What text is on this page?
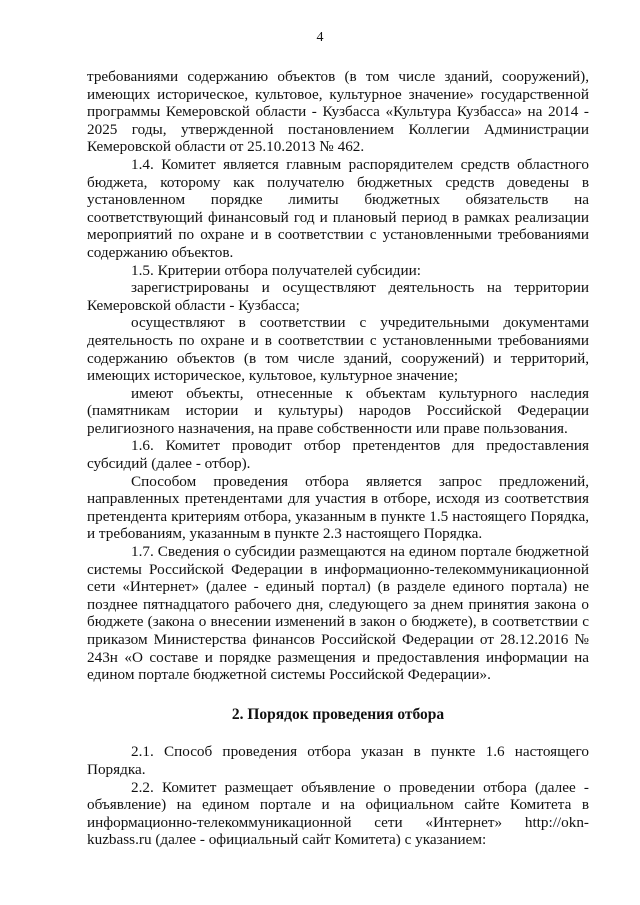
4

требованиями содержанию объектов (в том числе зданий, сооружений), имеющих историческое, культовое, культурное значение» государственной программы Кемеровской области - Кузбасса «Культура Кузбасса» на 2014 - 2025 годы, утвержденной постановлением Коллегии Администрации Кемеровской области от 25.10.2013 № 462.

1.4. Комитет является главным распорядителем средств областного бюджета, которому как получателю бюджетных средств доведены в установленном порядке лимиты бюджетных обязательств на соответствующий финансовый год и плановый период в рамках реализации мероприятий по охране и в соответствии с установленными требованиями содержанию объектов.

1.5. Критерии отбора получателей субсидии:

зарегистрированы и осуществляют деятельность на территории Кемеровской области - Кузбасса;

осуществляют в соответствии с учредительными документами деятельность по охране и в соответствии с установленными требованиями содержанию объектов (в том числе зданий, сооружений) и территорий, имеющих историческое, культовое, культурное значение;

имеют объекты, отнесенные к объектам культурного наследия (памятникам истории и культуры) народов Российской Федерации религиозного назначения, на праве собственности или праве пользования.

1.6. Комитет проводит отбор претендентов для предоставления субсидий (далее - отбор).

Способом проведения отбора является запрос предложений, направленных претендентами для участия в отборе, исходя из соответствия претендента критериям отбора, указанным в пункте 1.5 настоящего Порядка, и требованиям, указанным в пункте 2.3 настоящего Порядка.

1.7. Сведения о субсидии размещаются на едином портале бюджетной системы Российской Федерации в информационно-телекоммуникационной сети «Интернет» (далее - единый портал) (в разделе единого портала) не позднее пятнадцатого рабочего дня, следующего за днем принятия закона о бюджете (закона о внесении изменений в закон о бюджете), в соответствии с приказом Министерства финансов Российской Федерации от 28.12.2016 № 243н «О составе и порядке размещения и предоставления информации на едином портале бюджетной системы Российской Федерации».

2. Порядок проведения отбора

2.1. Способ проведения отбора указан в пункте 1.6 настоящего Порядка.

2.2. Комитет размещает объявление о проведении отбора (далее - объявление) на едином портале и на официальном сайте Комитета в информационно-телекоммуникационной сети «Интернет» http://okn-kuzbass.ru (далее - официальный сайт Комитета) с указанием:
